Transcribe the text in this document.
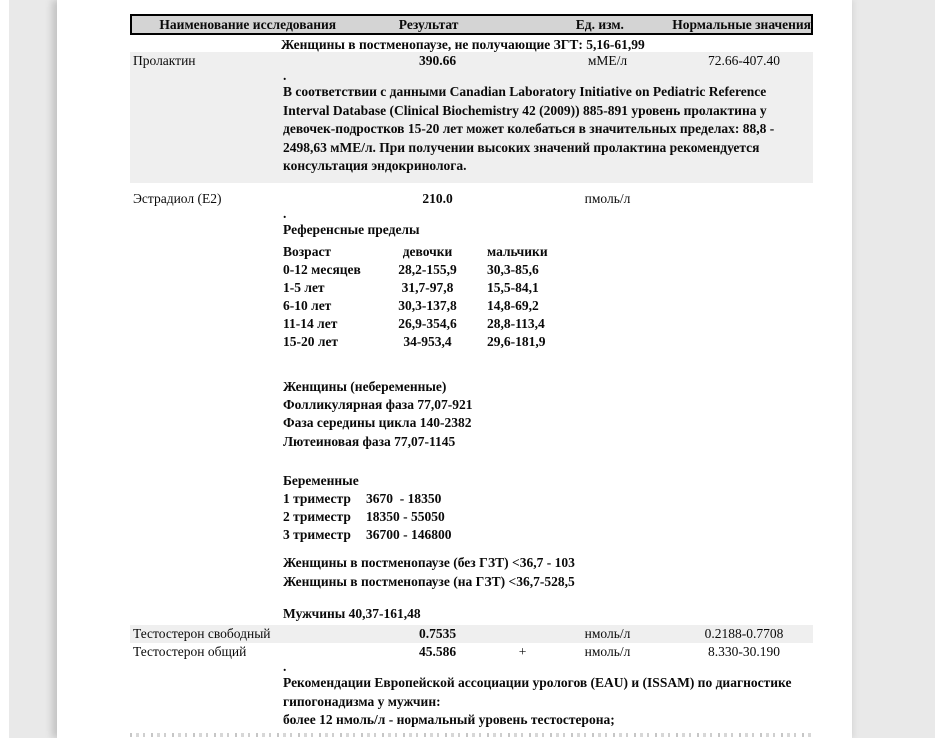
Наименование исследования	Результат	Ед. изм.	Нормальные значения
Женщины в постменопаузе, не получающие ЗГТ: 5,16-61,99
Пролактин	390.66	мМЕ/л	72.66-407.40
.
В соответствии с данными Canadian Laboratory Initiative on Pediatric Reference Interval Database (Clinical Biochemistry 42 (2009)) 885-891 уровень пролактина у девочек-подростков 15-20 лет может колебаться в значительных пределах: 88,8 - 2498,63 мМЕ/л. При получении высоких значений пролактина рекомендуется консультация эндокринолога.
Эстрадиол (E2)	210.0	пмоль/л
.
Референсные пределы
Возраст	девочки	мальчики
0-12 месяцев	28,2-155,9	30,3-85,6
1-5 лет	31,7-97,8	15,5-84,1
6-10 лет	30,3-137,8	14,8-69,2
11-14 лет	26,9-354,6	28,8-113,4
15-20 лет	34-953,4	29,6-181,9
Женщины (небеременные)
Фолликулярная фаза 77,07-921
Фаза середины цикла 140-2382
Лютеиновая фаза 77,07-1145
Беременные
1 триместр	3670  - 18350
2 триместр	18350 - 55050
3 триместр	36700 - 146800
Женщины в постменопаузе (без ГЗТ) <36,7 - 103
Женщины в постменопаузе (на ГЗТ) <36,7-528,5
Мужчины 40,37-161,48
Тестостерон свободный	0.7535	нмоль/л	0.2188-0.7708
Тестостерон общий	45.586	+	нмоль/л	8.330-30.190
.
Рекомендации Европейской ассоциации урологов (EAU) и (ISSAM) по диагностике гипогонадизма у мужчин:
более 12 нмоль/л - нормальный уровень тестостерона;
